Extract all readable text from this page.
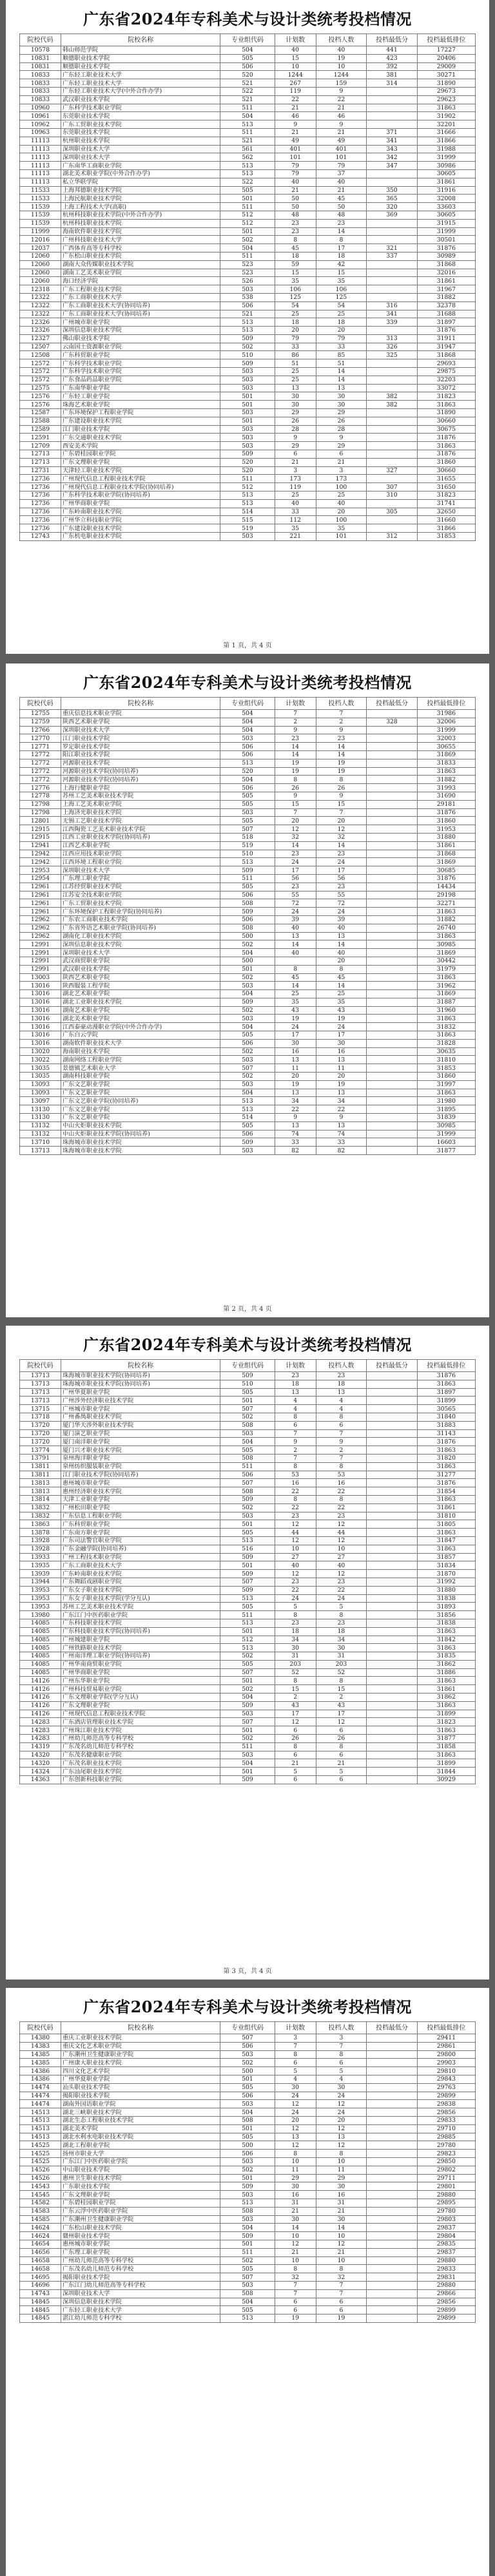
广东省2024年专科美术与设计类统考投档情况
院校代码	院校名称	专业组代码	计划数	投档人数	投档最低分	投档最低排位
10578	韩山师范学院	504	40	40	441	17227
10831	顺德职业技术学院	505	15	19	423	20406
10831	顺德职业技术学院	506	10	10	392	29009
10833	广东轻工职业技术大学	520	1244	1244	381	30271
10833	广东轻工职业技术大学	521	267	159	314	31890
10833	广东轻工职业技术大学(中外合作办学)	522	119	9		29673
10833	武汉职业技术学院	521	22	22		29623
10960	广东科学技术职业学院	511	21	21		31863
10961	东莞职业技术学院	504	46	46		31902
10962	广东工贸职业技术学院	513	9	9		32201
10963	东莞职业技术学院	511	21	21	371	31666
11113	杭州职业技术学院	521	49	49	341	31866
11113	深圳职业技术大学	561	401	401	343	31988
11113	深圳职业技术大学	562	101	101	342	31999
11113	广东南华工商职业学院	513	79	79	347	30986
11113	湖北美术职业学院(中外合作办学)	513	79	37		30605
11113	私立华联学院	522	40	40		31861
11533	上海邦德职业技术学院	505	21	21	350	31916
11533	上海民航职业技术学院	501	50	45	365	32008
11539	上海工程技术大学(高职)	511	50	50	320	33603
11539	杭州科技职业技术学院(中外合作办学)	512	48	48	369	30605
11539	杭州科技职业技术学院	512	23	23		31915
11999	海南软件职业技术学院	501	23	14		31999
12016	广州科技职业技术大学	502	8	8		30501
12037	广西体育高等专科学校	504	45	17	321	31876
12060	广东松山职业技术学院	511	18	18	337	30989
12060	湖南大众传媒职业技术学院	523	59	42		31868
12060	湖南工艺美术职业学院	523	15	15		32016
12060	海口经济学院	526	35	35		31861
12318	广东工程职业技术学院	503	106	106		31967
12322	广东工商职业技术大学	538	125	125		31882
12322	广东工商职业技术大学(协同培养)	506	54	54	316	32378
12322	广东工商职业技术大学(协同培养)	521	25	25	341	31688
12326	广州城市职业学院	513	18	18	339	31897
12326	深圳信息职业技术学院	513	20	20		31876
12327	佛山职业技术学院	509	79	79	313	31911
12507	云南国土资源职业学院	502	33	33	326	31947
12508	广东科贸职业学院	510	86	85	325	31868
12572	广东科学技术职业学院	509	51	51		29693
12572	广东科学技术职业学院	503	25	14		29875
12572	广东食品药品职业学院	503	25	14		32203
12575	广东南华职业学院	503	13	13		33072
12576	广东轻工职业学院	501	30	30	382	31823
12576	珠海艺术职业学院	501	30	30	382	31863
12587	广东环境保护工程职业学院	503	29	29		31890
12588	广东建设职业技术学院	501	26	26		30660
12589	江门职业技术学院	503	28	28		30675
12591	广东交通职业技术学院	503	9	9		31876
12709	西安美术学院	503	29	29		31863
12713	广东碧桂园职业学院	509	6	6		31876
12713	广东文理职业学院	520	21	21		31860
12731	天津轻工职业技术学院	520	3	3	327	30660
12736	广州现代信息工程职业技术学院	511	173	173		31655
12736	广州现代信息工程职业技术学院(协同培养)	512	119	100	307	31650
12736	广东科学技术职业学院(协同培养)	513	25	25	310	31823
12736	广州华商职业学院	513	40	40		31741
12736	广东岭南职业技术学院	514	33	20	305	32650
12736	广州华立科技职业学院	515	112	100		31660
12736	广东建设职业技术学院	519	35	35		31866
12743	广东机电职业技术学院	503	221	101	312	31853
第 1 页，共 4 页
广东省2024年专科美术与设计类统考投档情况
院校代码	院校名称	专业组代码	计划数	投档人数	投档最低分	投档最低排位
12755	重庆信息技术职业学院	504	7	7		31986
12759	陕西艺术职业学院	504	2	2	328	32006
12766	深圳职业技术大学	504	9	9		31999
12770	江门职业技术学院	503	23	23		32003
12771	罗定职业技术学院	506	14	14		30655
12772	阳江职业技术学院	506	14	14		31869
12772	河源职业技术学院	513	19	19		31833
12772	河源职业技术学院(协同培养)	520	19	19		31863
12772	河源职业技术学院(协同培养)	504	8	8		31882
12776	上海行健职业学院	506	26	26		31993
12778	苏州工艺美术职业技术学院	505	9	9		31690
12798	上海工艺美术职业学院	505	15	15		29181
12798	上海济光职业技术学院	503	7	7		31876
12801	无锡工艺职业技术学院	505	20	20		31860
12915	江西陶瓷工艺美术职业技术学院	507	12	12		31953
12915	江西工业职业技术学院(协同培养)	518	32	32		31880
12941	江西艺术职业学院	519	14	14		31861
12942	江西应用技术职业学院	510	23	23		31868
12942	江西环境工程职业学院	513	24	24		31869
12953	深圳职业技术大学	509	17	17		30685
12954	广东理工职业学院	511	56	56		31876
12961	江苏经贸职业技术学院	505	23	23		14434
12961	江苏安全技术职业学院	506	55	55		29198
12961	广东工贸职业技术学院	508	72	72		32271
12961	广东环境保护工程职业学院(协同培养)	509	24	24		31863
12962	广东农工商职业技术学院	506	39	39		31882
12962	广东省外语艺术职业学院(协同培养)	508	40	40		26740
12962	湖南化工职业技术学院	500	13	13		31863
12991	深圳信息职业技术学院	502	14	14		30985
12991	深圳职业技术大学	504	40	40		31869
12991	武汉商贸职业学院	500		20		30442
12991	武汉职业技术学院	501	8	8		31979
13003	陕西艺术职业学院	502	45	45		31863
13016	陕西服装工程学院	503	14	14		31962
13016	湖北艺术职业学院	504	25	25		31869
13016	湖北工业职业技术学院	509	35	35		31887
13016	湖南艺术职业学院	502	43	43		31960
13016	湖北美术职业学院	503	19	19		31863
13016	江西泰豪动漫职业学院(中外合作办学)	504	24	24		31832
13016	广东白云学院	505	17	17		31863
13016	湖南软件职业技术大学	506	30	30		31828
13020	海南职业技术学院	502	16	16		30635
13022	湖南网络工程职业学院	503	13	13		31810
13035	景德镇艺术职业大学	507	11	11		31853
13035	湖南科技职业学院	502	20	20		31860
13093	广东文艺职业学院	503	19	19		31997
13093	广东文艺职业学院	504	13	13		31863
13097	广东文艺职业学院(协同培养)	513	34	34		31980
13130	广东文艺职业学院	513	22	22		31895
13130	广东文艺职业学院	514	9	9		31839
13132	中山火炬职业技术学院	505	13	13		30985
13132	中山火炬职业技术学院(协同培养)	506	74	74		31999
13710	珠海城市职业技术学院	509	33	33		16603
13713	珠海城市职业技术学院	503	82	82		31877
第 2 页，共 4 页
广东省2024年专科美术与设计类统考投档情况
院校代码	院校名称	专业组代码	计划数	投档人数	投档最低分	投档最低排位
13713	珠海城市职业技术学院(协同培养)	509	23	23		31876
13713	珠海城市职业技术学院(协同培养)	510	18	18		31863
13713	广州华夏职业学院	505	13	13		31897
13713	广州涉外经济职业技术学院	501	4	4		31899
13715	广州城市职业学院	507	4	4		30565
13718	广州番禺职业技术学院	502	8	8		31840
13720	厦门华天涉外职业技术学院	508	6	6		31883
13720	厦门演艺职业学院	503	7	7		31143
13720	厦门南洋职业学院	504	9	9		31876
13774	厦门兴才职业技术学院	505	2	2		31863
13791	泉州海洋职业学院	508	7	7		31820
13811	泉州纺织服装职业学院	511	8	8		31863
13811	江门职业技术学院(协同培养)	506	53	53		31277
13813	惠州城市职业学院	507	16	16		31876
13813	惠州经济职业技术学院	508	22	22		31854
13814	天津工业职业学院	509	8	8		31863
13832	广州松田职业学院	502	22	22		31861
13832	广东信息工程职业学院	503	23	23		31810
13863	广东科贸职业学院	501	12	12		31805
13878	广东南方职业学院	505	44	44		31863
13928	广东司法警官职业学院	513	12	12		31847
13928	广东金融学院(协同培养)	516	10	10		31863
13933	广州工程技术职业学院	509	27	27		31857
13935	广东工商职业技术大学	501	40	40		31834
13939	广东岭南职业技术学院	509	12	12		31870
13944	广东舞蹈戏剧职业学院	507	23	23		31992
13953	广东女子职业技术学院	509	22	22		31880
13953	广东女子职业技术学院(学分互认)	513	24	24		31838
13953	苏州工艺美术职业技术学院	505	5	5		31893
13980	广东江门中医药职业学院	511	8	8		31856
14085	广东科技职业技术学院	513	23	23		31838
14085	广东科技职业技术学院(协同培养)	501	18	18		31863
14085	广州城建职业学院	512	34	34		31842
14085	广州铁路职业技术学院	513	30	30		31863
14085	广州南洋理工职业学院(协同培养)	502	31	31		31835
14085	广州华南商贸职业学院	505	203	203		31862
14085	广州华商职业学院	507	52	52		31886
14126	广州东华职业学院	501	8	8		31863
14126	广州科技贸易职业学院	502	15	15		31861
14126	广东文理职业学院(学分互认)	504	2	2		31862
14126	广东文理职业学院	509	43	43		31863
14126	广州现代信息工程职业技术学院	503	17	17		31899
14283	广东酒店管理职业技术学院	507	12	12		31823
14283	广州珠江职业技术学院	501	6	6		31863
14283	广州幼儿师范高等专科学校	502	26	26		31877
14319	广东茂名幼儿师范专科学校	511	8	8		31858
14320	广东茂名健康职业学院	503	6	6		31863
14320	广东茂名职业技术学院	504	21	21		31899
14324	广东汕尾职业技术学院	501	5	5		31844
14363	广东创新科技职业学院	509	6	6		30929
第 3 页，共 4 页
广东省2024年专科美术与设计类统考投档情况
院校代码	院校名称	专业组代码	计划数	投档人数	投档最低分	投档最低排位
14380	重庆工业职业技术学院	507	3	3		29411
14383	重庆文化艺术职业学院	506	7	7		29861
14385	广东潮州卫生健康职业学院	503	8	8		29800
14385	广州康大职业技术学院	502	6	6		29903
14386	四川文化艺术学院	500	5	5		29810
14386	广州华夏职业学院	501	4	4		29843
14474	汕头职业技术学院	505	30	30		29763
14474	揭阳职业技术学院	506	24	24		29899
14474	湖南外国语职业学院	503	12	12		29838
14513	湖北三峡职业技术学院	504	24	24		29856
14513	湖北生态工程职业技术学院	508	20	20		29833
14513	湖北美术学院	501	12	12		29710
14513	湖北水利水电职业技术学院	505	13	13		29885
14525	湖北工程职业学院	500	12	12		29780
14525	扬州市职业大学	506	8	8		29823
14525	广东江门中医药职业学院	503	10	10		29850
14526	中山职业技术学院	502	11	11		29802
14526	惠州卫生职业技术学院	501	29	29		29711
14543	广东职业技术学院	509	30	30		29801
14545	广东文理职业学院	503	16	16		29880
14582	广东碧桂园职业学院	513	31	31		29895
14583	广东云浮中医药职业学院	508	21	21		29780
14585	广东潮州卫生健康职业学院	503	30	30		29803
14624	广东松山职业技术学院	504	14	14		29837
14624	赣州职业技术学院	509	10	10		29804
14654	惠州城市职业学院	501	12	12		29835
14656	广东理工职业学院	511	21	21		29837
14658	广州幼儿师范高等专科学校	502	10	10		29880
14658	广东茂名幼儿师范专科学校	505	8	8		29833
14695	揭阳职业技术学院	507	32	32		29831
14696	广东江门幼儿师范高等专科学校	503	7	7		29880
14743	深圳职业技术大学	508	7	7		29866
14845	深圳信息职业技术学院	504	6	6		29856
14845	广东轻工职业技术大学	505	6	6		29899
14845	湛江幼儿师范专科学校	513	19	19		29899
